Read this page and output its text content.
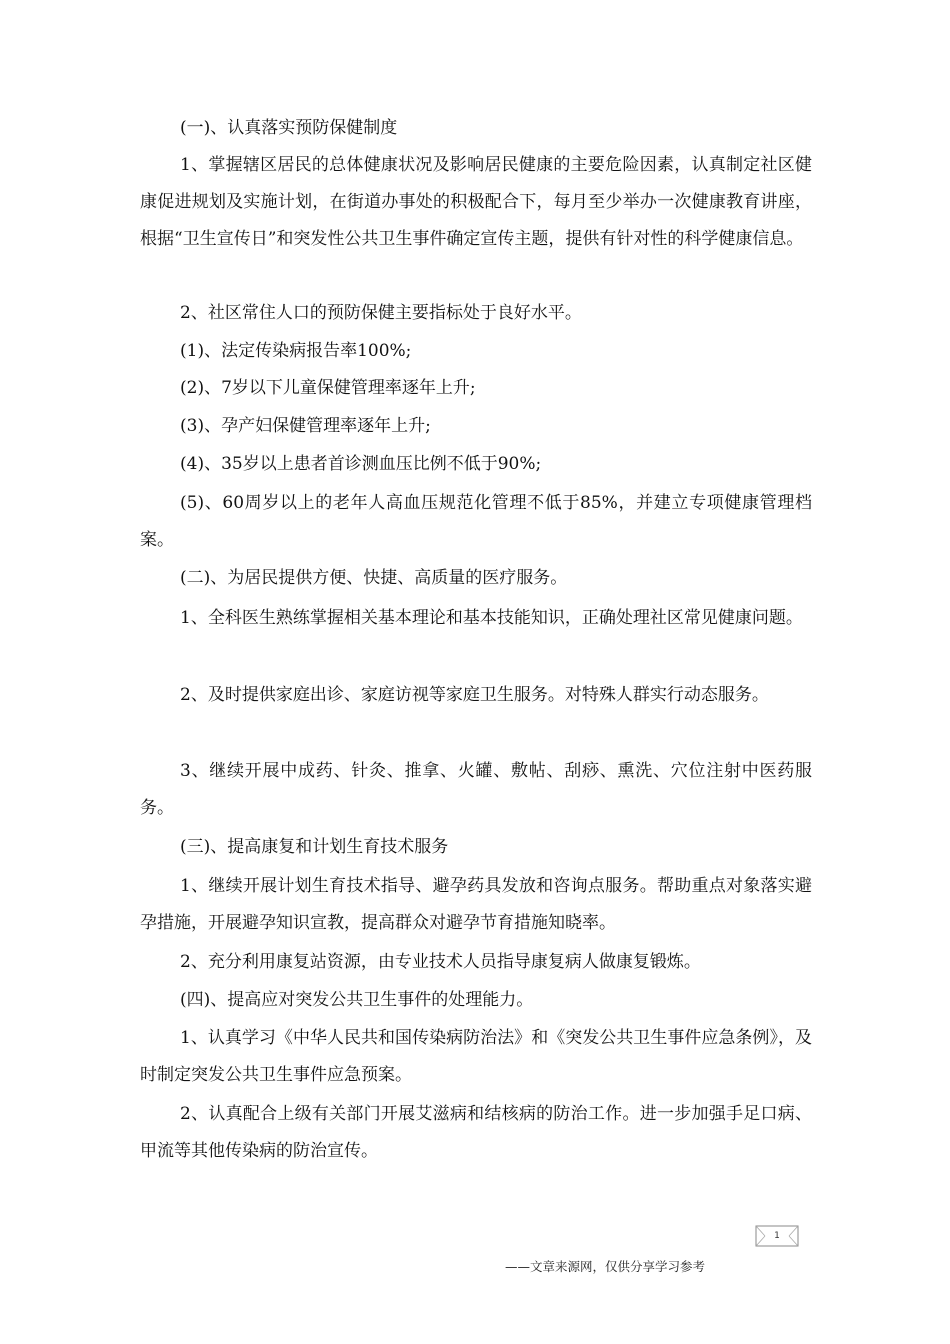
(一)、认真落实预防保健制度

1、掌握辖区居民的总体健康状况及影响居民健康的主要危险因素，认真制定社区健康促进规划及实施计划，在街道办事处的积极配合下，每月至少举办一次健康教育讲座，根据“卫生宣传日”和突发性公共卫生事件确定宣传主题，提供有针对性的科学健康信息。

2、社区常住人口的预防保健主要指标处于良好水平。

(1)、法定传染病报告率100%;

(2)、7岁以下儿童保健管理率逐年上升;

(3)、孕产妇保健管理率逐年上升;

(4)、35岁以上患者首诊测血压比例不低于90%;

(5)、60周岁以上的老年人高血压规范化管理不低于85%，并建立专项健康管理档案。

(二)、为居民提供方便、快捷、高质量的医疗服务。

1、全科医生熟练掌握相关基本理论和基本技能知识，正确处理社区常见健康问题。

2、及时提供家庭出诊、家庭访视等家庭卫生服务。对特殊人群实行动态服务。

3、继续开展中成药、针灸、推拿、火罐、敷帖、刮痧、熏洗、穴位注射中医药服务。

(三)、提高康复和计划生育技术服务

1、继续开展计划生育技术指导、避孕药具发放和咨询点服务。帮助重点对象落实避孕措施，开展避孕知识宣教，提高群众对避孕节育措施知晓率。

2、充分利用康复站资源，由专业技术人员指导康复病人做康复锻炼。

(四)、提高应对突发公共卫生事件的处理能力。

1、认真学习《中华人民共和国传染病防治法》和《突发公共卫生事件应急条例》，及时制定突发公共卫生事件应急预案。

2、认真配合上级有关部门开展艾滋病和结核病的防治工作。进一步加强手足口病、甲流等其他传染病的防治宣传。

1

——文章来源网，仅供分享学习参考
